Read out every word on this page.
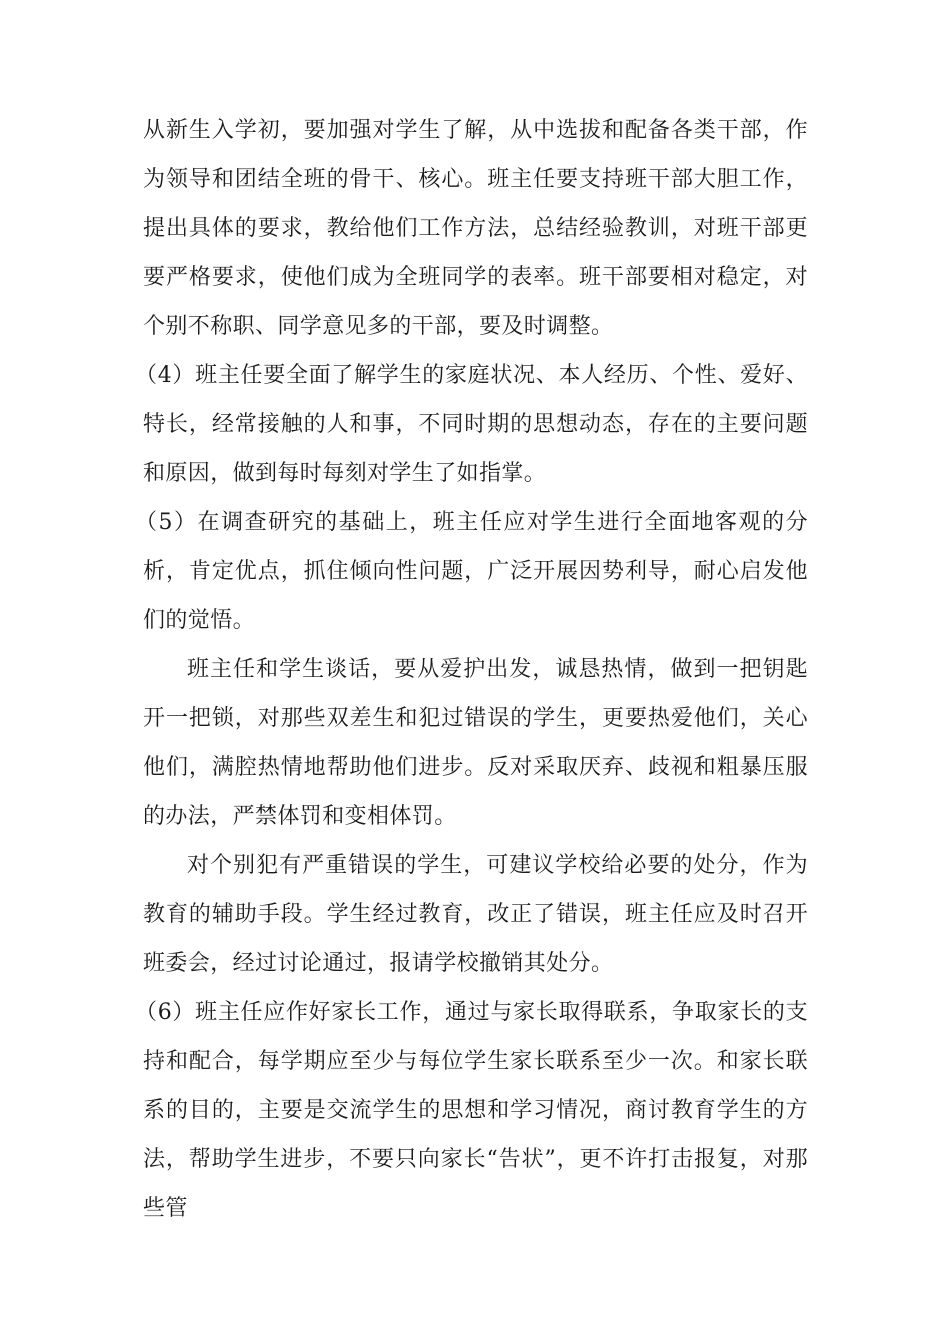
从新生入学初，要加强对学生了解，从中选拔和配备各类干部，作为领导和团结全班的骨干、核心。班主任要支持班干部大胆工作，提出具体的要求，教给他们工作方法，总结经验教训，对班干部更要严格要求，使他们成为全班同学的表率。班干部要相对稳定，对个别不称职、同学意见多的干部，要及时调整。

（4）班主任要全面了解学生的家庭状况、本人经历、个性、爱好、特长，经常接触的人和事，不同时期的思想动态，存在的主要问题和原因，做到每时每刻对学生了如指掌。

（5）在调查研究的基础上，班主任应对学生进行全面地客观的分析，肯定优点，抓住倾向性问题，广泛开展因势利导，耐心启发他们的觉悟。

班主任和学生谈话，要从爱护出发，诚恳热情，做到一把钥匙开一把锁，对那些双差生和犯过错误的学生，更要热爱他们，关心他们，满腔热情地帮助他们进步。反对采取厌弃、歧视和粗暴压服的办法，严禁体罚和变相体罚。

对个别犯有严重错误的学生，可建议学校给必要的处分，作为教育的辅助手段。学生经过教育，改正了错误，班主任应及时召开班委会，经过讨论通过，报请学校撤销其处分。

（6）班主任应作好家长工作，通过与家长取得联系，争取家长的支持和配合，每学期应至少与每位学生家长联系至少一次。和家长联系的目的，主要是交流学生的思想和学习情况，商讨教育学生的方法，帮助学生进步，不要只向家长“告状”，更不许打击报复，对那些管
